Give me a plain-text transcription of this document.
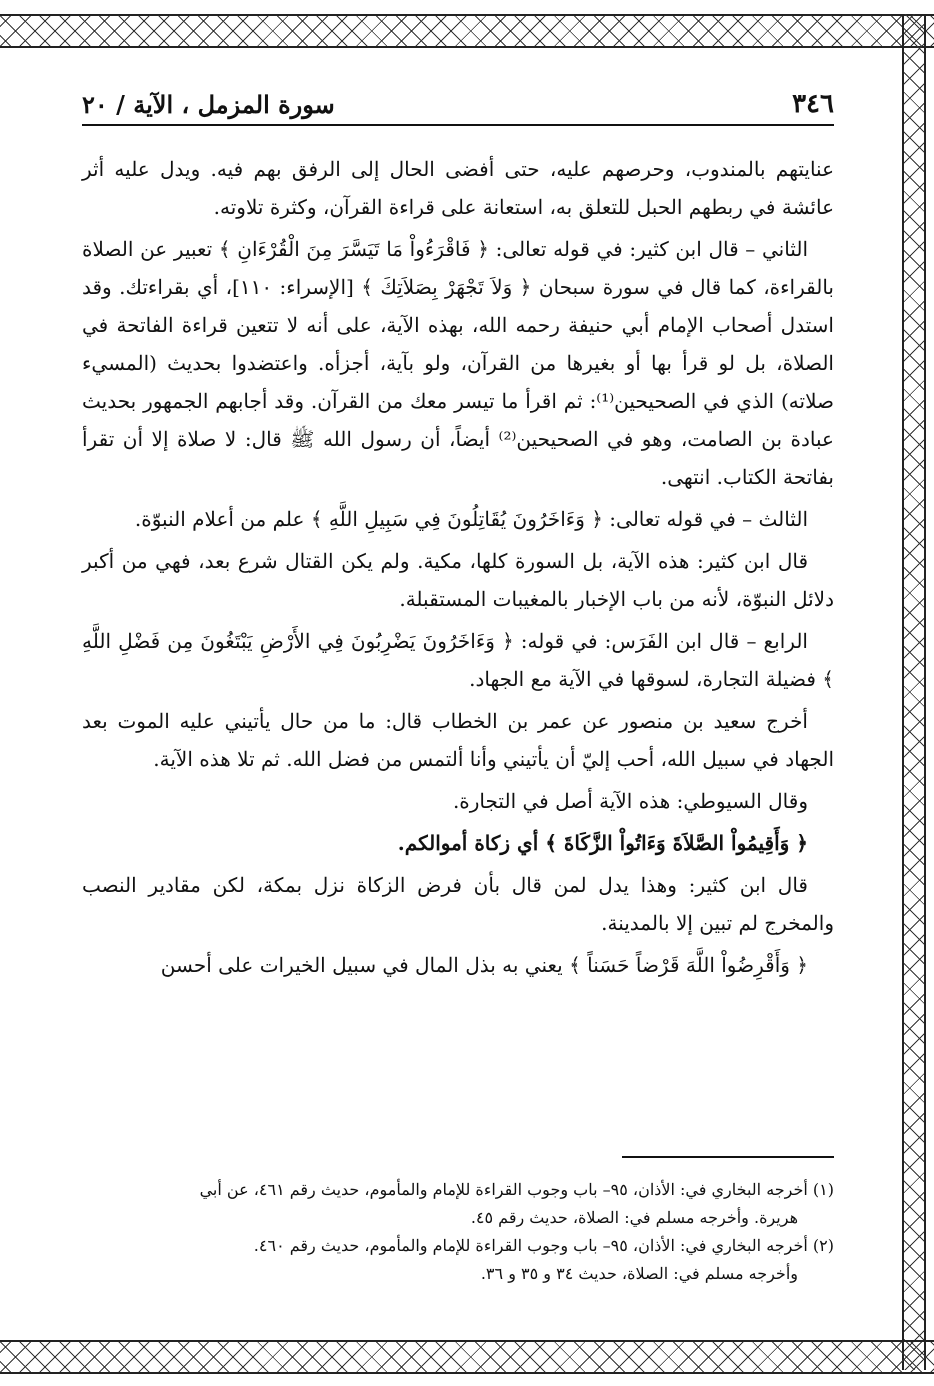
٣٤٦
سورة المزمل ، الآية / ٢٠

عنايتهم بالمندوب، وحرصهم عليه، حتى أفضى الحال إلى الرفق بهم فيه. ويدل عليه أثر عائشة في ربطهم الحبل للتعلق به، استعانة على قراءة القرآن، وكثرة تلاوته.

الثاني – قال ابن كثير: في قوله تعالى: ﴿ فَاقْرَءُواْ مَا تَيَسَّرَ مِنَ الْقُرْءَانِ ﴾ تعبير عن الصلاة بالقراءة، كما قال في سورة سبحان ﴿ وَلاَ تَجْهَرْ بِصَلاَتِكَ ﴾ [الإسراء: ١١٠]، أي بقراءتك. وقد استدل أصحاب الإمام أبي حنيفة رحمه الله، بهذه الآية، على أنه لا تتعين قراءة الفاتحة في الصلاة، بل لو قرأ بها أو بغيرها من القرآن، ولو بآية، أجزأه. واعتضدوا بحديث (المسيء صلاته) الذي في الصحيحين⁽¹⁾: ثم اقرأ ما تيسر معك من القرآن. وقد أجابهم الجمهور بحديث عبادة بن الصامت، وهو في الصحيحين⁽²⁾ أيضاً، أن رسول الله ﷺ قال: لا صلاة إلا أن تقرأ بفاتحة الكتاب. انتهى.

الثالث – في قوله تعالى: ﴿ وَءَاخَرُونَ يُقَاتِلُونَ فِي سَبِيلِ اللَّهِ ﴾ علم من أعلام النبوّة.

قال ابن كثير: هذه الآية، بل السورة كلها، مكية. ولم يكن القتال شرع بعد، فهي من أكبر دلائل النبوّة، لأنه من باب الإخبار بالمغيبات المستقبلة.

الرابع – قال ابن الفَرَس: في قوله: ﴿ وَءَاخَرُونَ يَضْرِبُونَ فِي الأَرْضِ يَبْتَغُونَ مِن فَضْلِ اللَّهِ ﴾ فضيلة التجارة، لسوقها في الآية مع الجهاد.

أخرج سعيد بن منصور عن عمر بن الخطاب قال: ما من حال يأتيني عليه الموت بعد الجهاد في سبيل الله، أحب إليّ أن يأتيني وأنا ألتمس من فضل الله. ثم تلا هذه الآية.

وقال السيوطي: هذه الآية أصل في التجارة.

﴿ وَأَقِيمُواْ الصَّلاَةَ وَءَاتُواْ الزَّكَاةَ ﴾ أي زكاة أموالكم.

قال ابن كثير: وهذا يدل لمن قال بأن فرض الزكاة نزل بمكة، لكن مقادير النصب والمخرج لم تبين إلا بالمدينة.

﴿ وَأَقْرِضُواْ اللَّهَ قَرْضاً حَسَناً ﴾ يعني به بذل المال في سبيل الخيرات على أحسن

(١) أخرجه البخاري في: الأذان، ٩٥– باب وجوب القراءة للإمام والمأموم، حديث رقم ٤٦١، عن أبي

هريرة. وأخرجه مسلم في: الصلاة، حديث رقم ٤٥.

(٢) أخرجه البخاري في: الأذان، ٩٥– باب وجوب القراءة للإمام والمأموم، حديث رقم ٤٦٠.

وأخرجه مسلم في: الصلاة، حديث ٣٤ و ٣٥ و ٣٦.
